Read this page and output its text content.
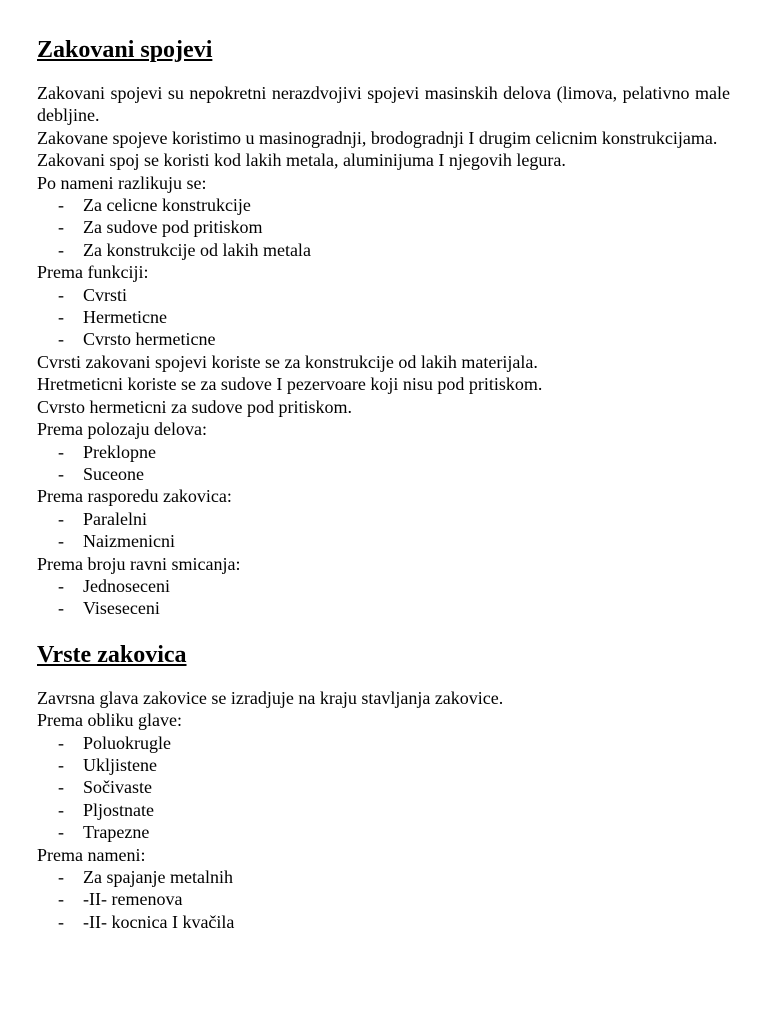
Zakovani spojevi

Zakovani spojevi su nepokretni nerazdvojivi spojevi masinskih delova (limova, pelativno male debljine.

Zakovane spojeve koristimo u masinogradnji, brodogradnji I drugim celicnim konstrukcijama.

Zakovani spoj se koristi kod lakih metala, aluminijuma I njegovih legura.

Po nameni razlikuju se:

-	Za celicne konstrukcije
-	Za sudove pod pritiskom
-	Za konstrukcije od lakih metala

Prema funkciji:

-	Cvrsti
-	Hermeticne
-	Cvrsto hermeticne

Cvrsti zakovani spojevi koriste se za konstrukcije od lakih materijala.

Hretmeticni koriste se za sudove I pezervoare koji nisu pod pritiskom.

Cvrsto hermeticni za sudove pod pritiskom.

Prema polozaju delova:

-	Preklopne
-	Suceone

Prema rasporedu zakovica:

-	Paralelni
-	Naizmenicni

Prema broju ravni smicanja:

-	Jednoseceni
-	Viseseceni
Vrste zakovica

Zavrsna glava zakovice se izradjuje na kraju stavljanja zakovice.

Prema obliku glave:

-	Poluokrugle
-	Ukljistene
-	Sočivaste
-	Pljostnate
-	Trapezne

Prema nameni:

-	Za spajanje metalnih
-	-II- remenova
-	-II- kocnica I kvačila
